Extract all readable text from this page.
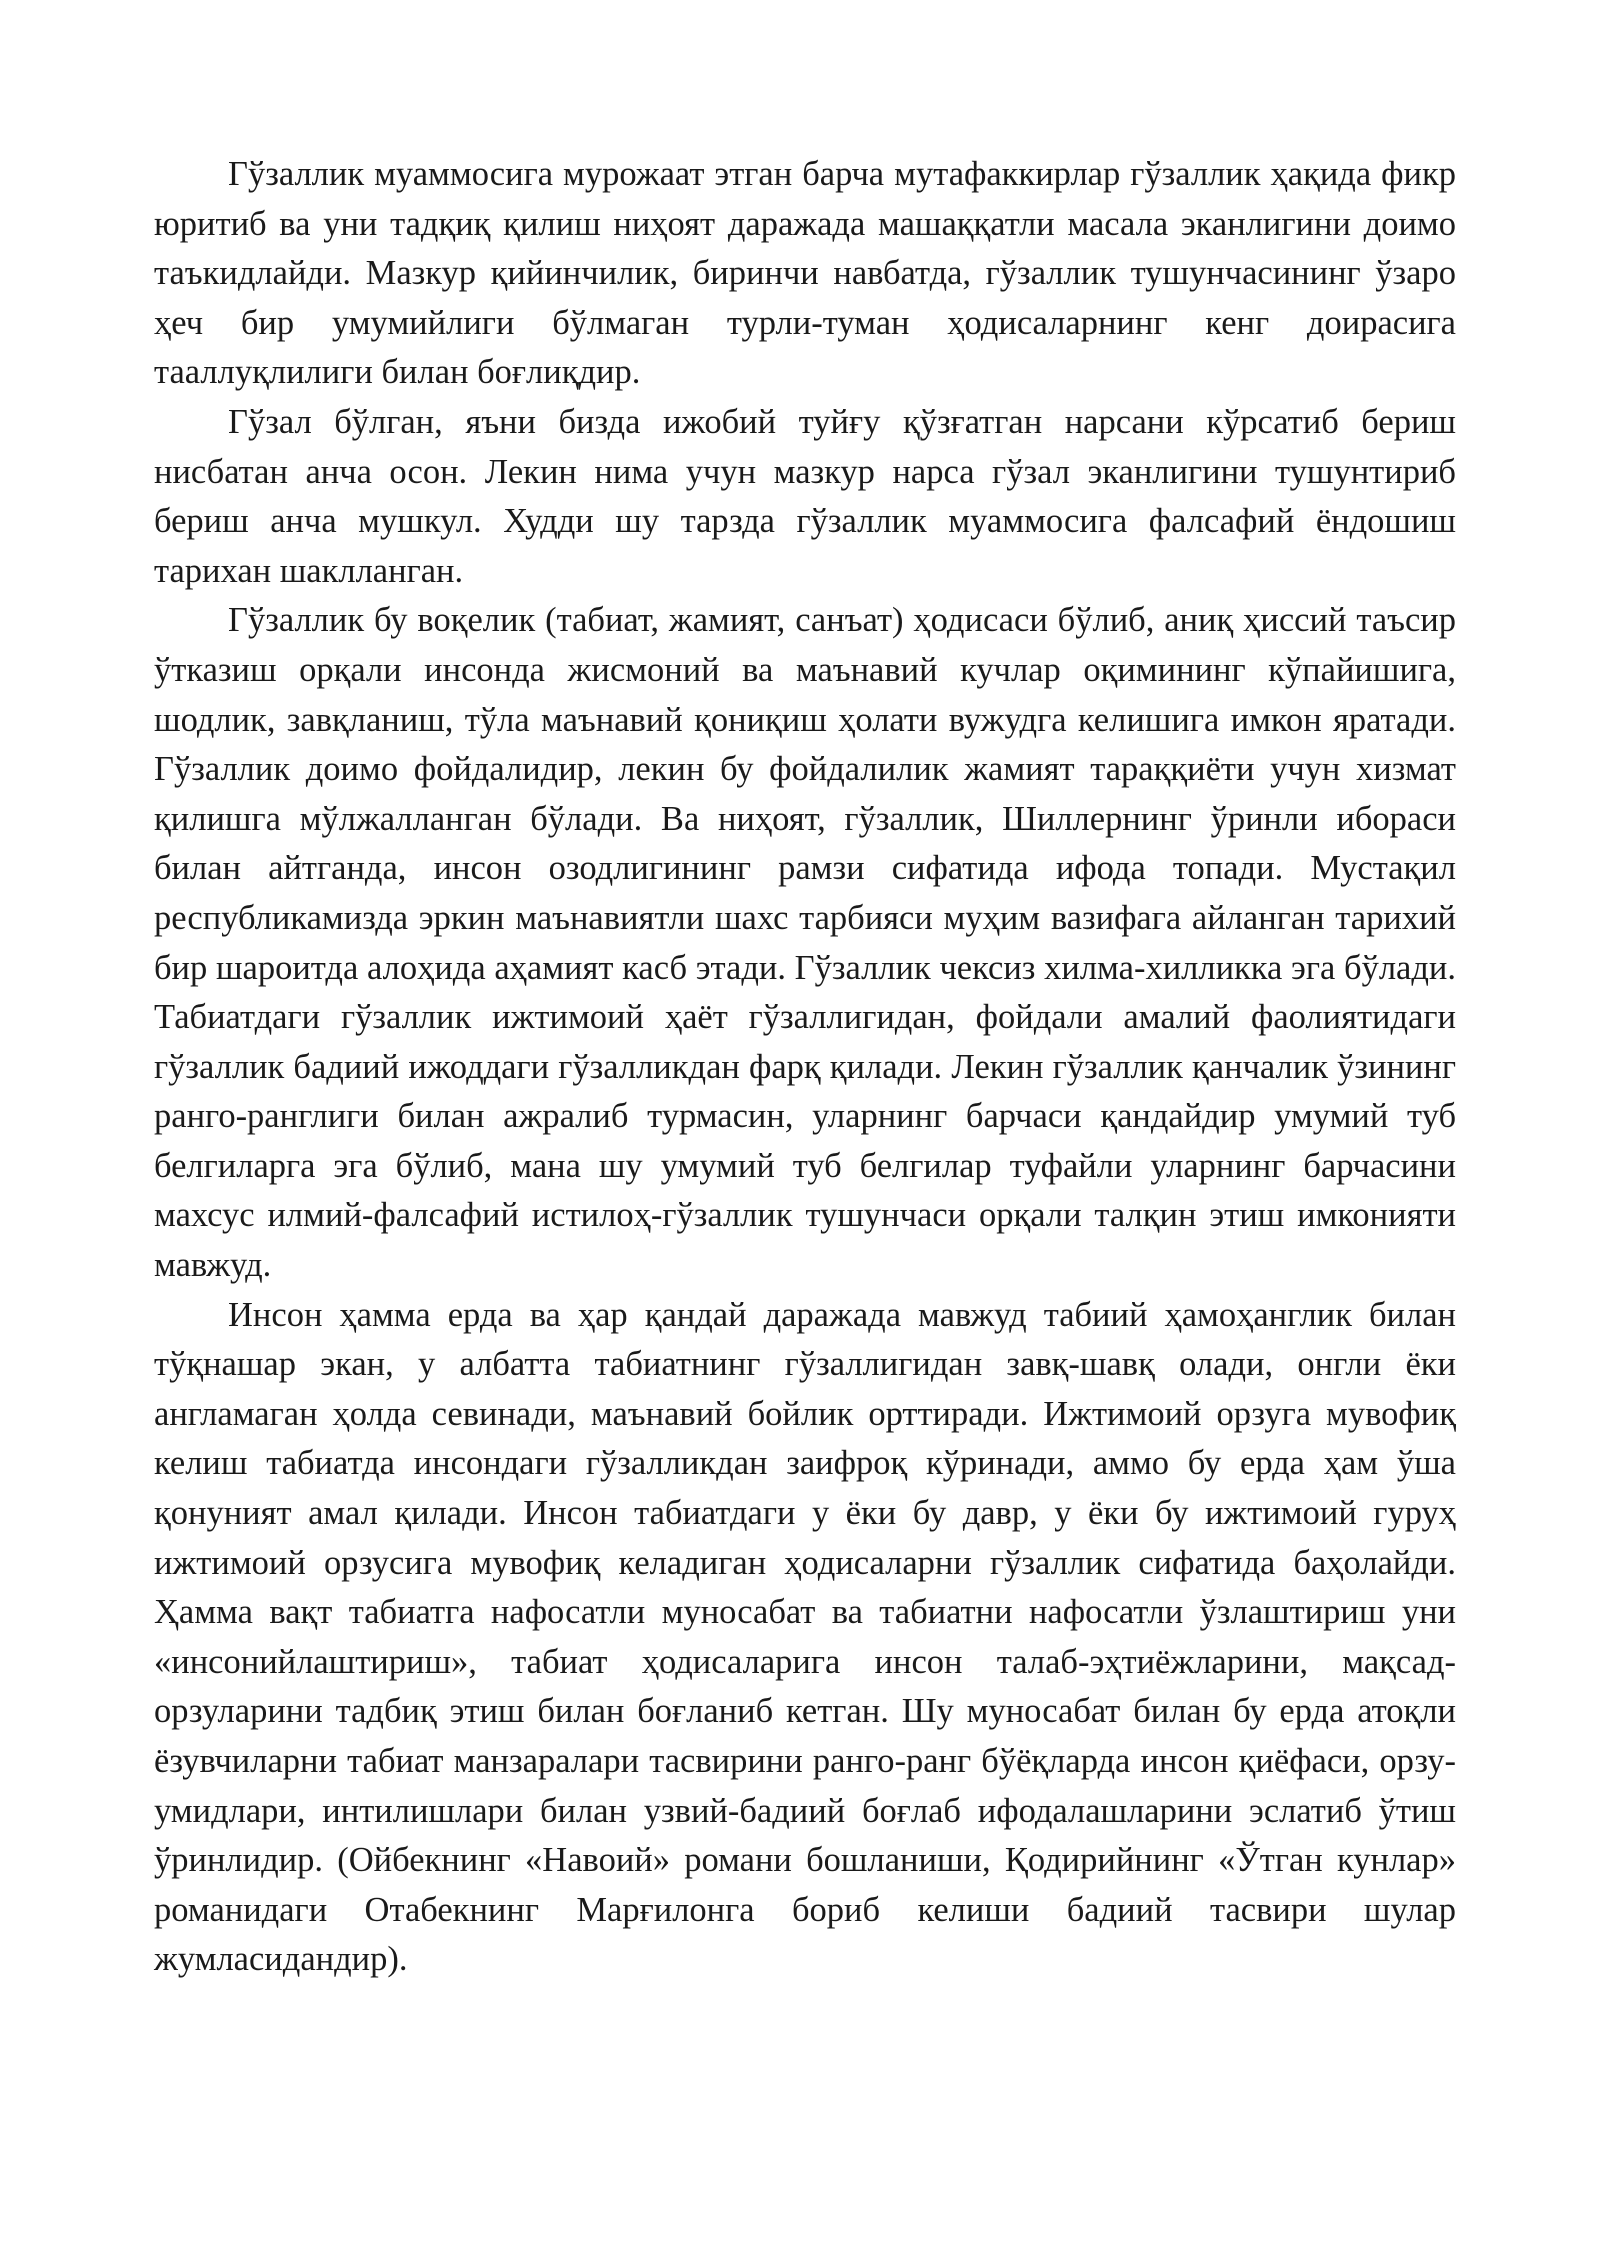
Гўзаллик муаммосига мурожаат этган барча мутафаккирлар гўзаллик ҳақида фикр юритиб ва уни тадқиқ қилиш ниҳоят даражада машаққатли масала эканлигини доимо таъкидлайди. Мазкур қийинчилик, биринчи навбатда, гўзаллик тушунчасининг ўзаро ҳеч бир умумийлиги бўлмаган турли-туман ҳодисаларнинг кенг доирасига тааллуқлилиги билан боғлиқдир.

Гўзал бўлган, яъни бизда ижобий туйғу қўзғатган нарсани кўрсатиб бериш нисбатан анча осон. Лекин нима учун мазкур нарса гўзал эканлигини тушунтириб бериш анча мушкул. Худди шу тарзда гўзаллик муаммосига фалсафий ёндошиш тарихан шаклланган.

Гўзаллик бу воқелик (табиат, жамият, санъат) ҳодисаси бўлиб, аниқ ҳиссий таъсир ўтказиш орқали инсонда жисмоний ва маънавий кучлар оқимининг кўпайишига, шодлик, завқланиш, тўла маънавий қониқиш ҳолати вужудга келишига имкон яратади. Гўзаллик доимо фойдалидир, лекин бу фойдалилик жамият тараққиёти учун хизмат қилишга мўлжалланган бўлади. Ва ниҳоят, гўзаллик, Шиллернинг ўринли ибораси билан айтганда, инсон озодлигининг рамзи сифатида ифода топади. Мустақил республикамизда эркин маънавиятли шахс тарбияси муҳим вазифага айланган тарихий бир шароитда алоҳида аҳамият касб этади. Гўзаллик чексиз хилма-хилликка эга бўлади. Табиатдаги гўзаллик ижтимоий ҳаёт гўзаллигидан, фойдали амалий фаолиятидаги гўзаллик бадиий ижоддаги гўзалликдан фарқ қилади. Лекин гўзаллик қанчалик ўзининг ранго-ранглиги билан ажралиб турмасин, уларнинг барчаси қандайдир умумий туб белгиларга эга бўлиб, мана шу умумий туб белгилар туфайли уларнинг барчасини махсус илмий-фалсафий истилоҳ-гўзаллик тушунчаси орқали талқин этиш имконияти мавжуд.

Инсон ҳамма ерда ва ҳар қандай даражада мавжуд табиий ҳамоҳанглик билан тўқнашар экан, у албатта табиатнинг гўзаллигидан завқ-шавқ олади, онгли ёки англамаган ҳолда севинади, маънавий бойлик орттиради. Ижтимоий орзуга мувофиқ келиш табиатда инсондаги гўзалликдан заифроқ кўринади, аммо бу ерда ҳам ўша қонуният амал қилади. Инсон табиатдаги у ёки бу давр, у ёки бу ижтимоий гуруҳ ижтимоий орзусига мувофиқ келадиган ҳодисаларни гўзаллик сифатида баҳолайди. Ҳамма вақт табиатга нафосатли муносабат ва табиатни нафосатли ўзлаштириш уни «инсонийлаштириш», табиат ҳодисаларига инсон талаб-эҳтиёжларини, мақсад-орзуларини тадбиқ этиш билан боғланиб кетган. Шу муносабат билан бу ерда атоқли ёзувчиларни табиат манзаралари тасвирини ранго-ранг бўёқларда инсон қиёфаси, орзу-умидлари, интилишлари билан узвий-бадиий боғлаб ифодалашларини эслатиб ўтиш ўринлидир. (Ойбекнинг «Навоий» романи бошланиши, Қодирийнинг «Ўтган кунлар» романидаги Отабекнинг Марғилонга бориб келиши бадиий тасвири шулар жумласидандир).
